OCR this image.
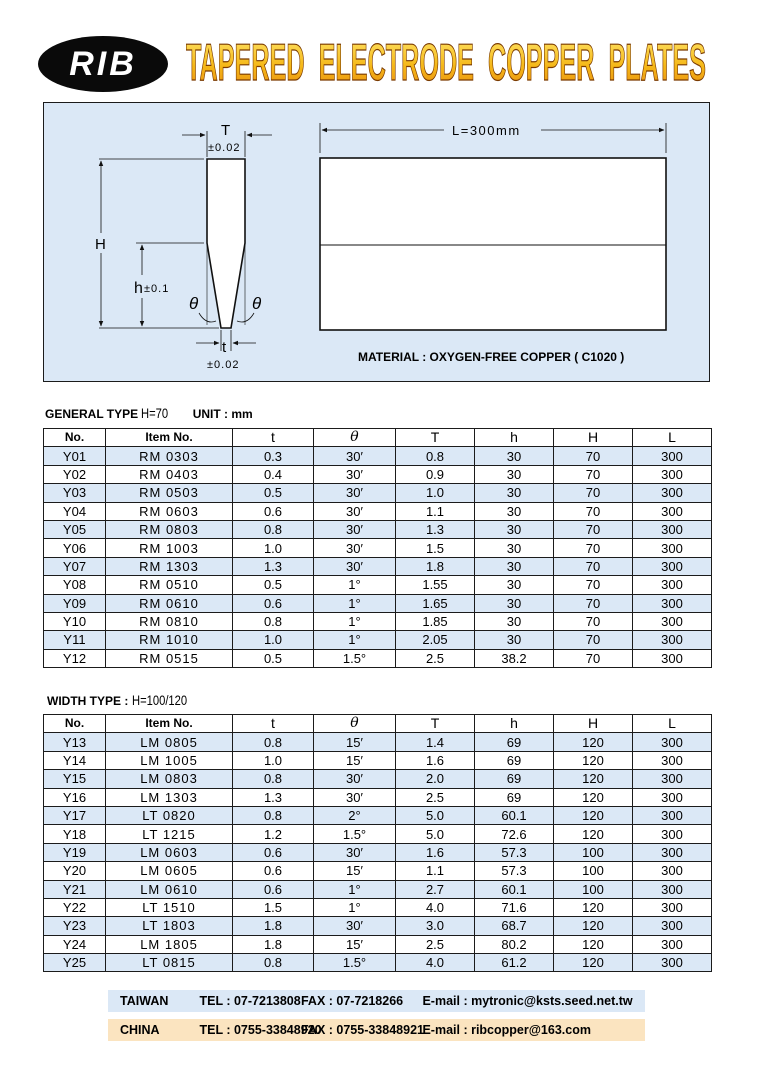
RIB TAPERED  ELECTRODE  COPPER  PLATES
T
±0.02
H
h ±0.1
θ	θ
t
±0.02
L=300mm
MATERIAL : OXYGEN-FREE COPPER ( C1020 )
GENERAL TYPE H=70 UNIT : mm
No.	Item No.	t	θ	T	h	H	L
Y01	RM 0303	0.3	30′	0.8	30	70	300
Y02	RM 0403	0.4	30′	0.9	30	70	300
Y03	RM 0503	0.5	30′	1.0	30	70	300
Y04	RM 0603	0.6	30′	1.1	30	70	300
Y05	RM 0803	0.8	30′	1.3	30	70	300
Y06	RM 1003	1.0	30′	1.5	30	70	300
Y07	RM 1303	1.3	30′	1.8	30	70	300
Y08	RM 0510	0.5	1°	1.55	30	70	300
Y09	RM 0610	0.6	1°	1.65	30	70	300
Y10	RM 0810	0.8	1°	1.85	30	70	300
Y11	RM 1010	1.0	1°	2.05	30	70	300
Y12	RM 0515	0.5	1.5°	2.5	38.2	70	300
WIDTH TYPE : H=100/120
No.	Item No.	t	θ	T	h	H	L
Y13	LM 0805	0.8	15′	1.4	69	120	300
Y14	LM 1005	1.0	15′	1.6	69	120	300
Y15	LM 0803	0.8	30′	2.0	69	120	300
Y16	LM 1303	1.3	30′	2.5	69	120	300
Y17	LT 0820	0.8	2°	5.0	60.1	120	300
Y18	LT 1215	1.2	1.5°	5.0	72.6	120	300
Y19	LM 0603	0.6	30′	1.6	57.3	100	300
Y20	LM 0605	0.6	15′	1.1	57.3	100	300
Y21	LM 0610	0.6	1°	2.7	60.1	100	300
Y22	LT 1510	1.5	1°	4.0	71.6	120	300
Y23	LT 1803	1.8	30′	3.0	68.7	120	300
Y24	LM 1805	1.8	15′	2.5	80.2	120	300
Y25	LT 0815	0.8	1.5°	4.0	61.2	120	300
TAIWAN TEL : 07-7213808 FAX : 07-7218266 E-mail : mytronic@ksts.seed.net.tw
CHINA	TEL : 0755-33848920 FAX : 0755-33848921 E-mail : ribcopper@163.com
